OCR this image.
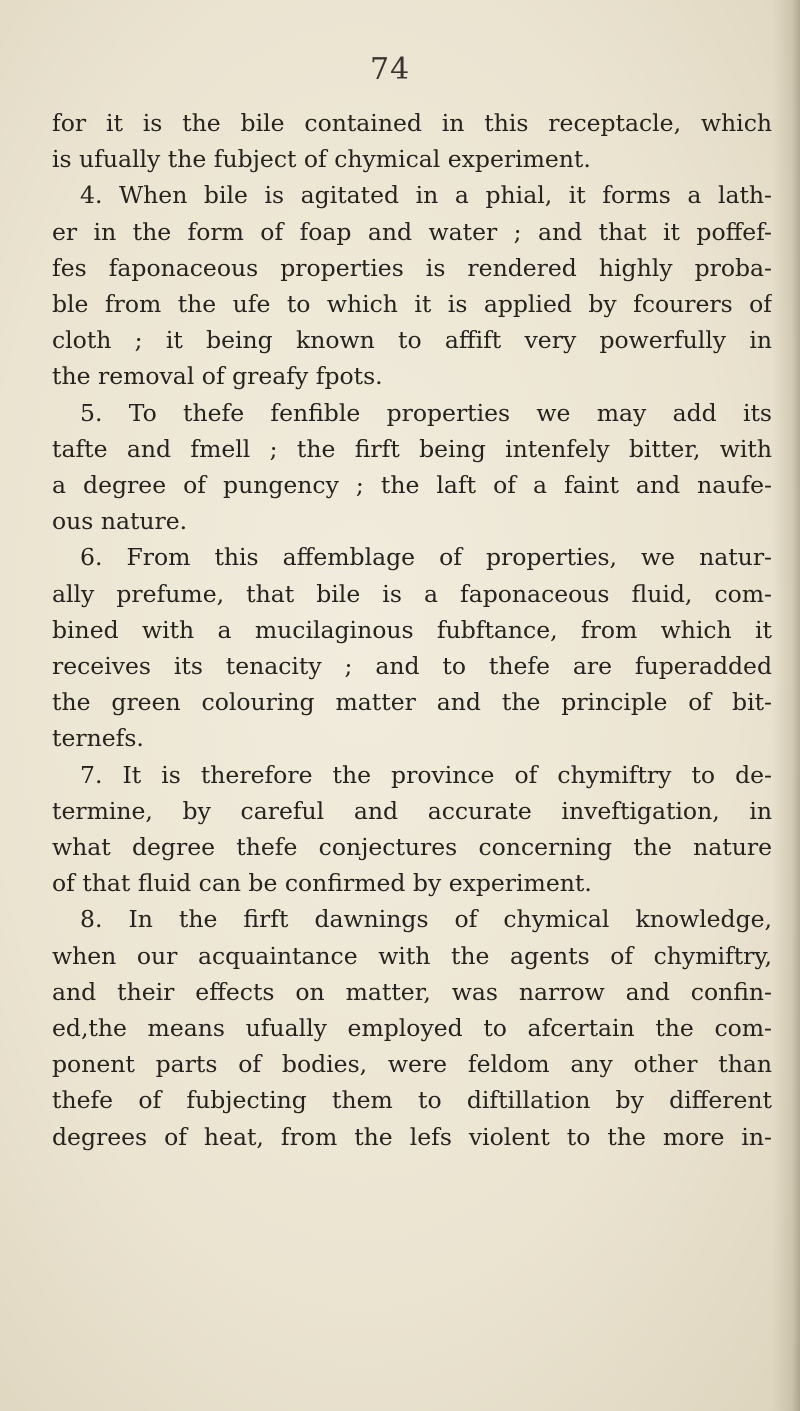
74
for it is the bile contained in this receptacle, which
is ufually the fubject of chymical experiment.
4. When bile is agitated in a phial, it forms a lath-
er in the form of foap and water ; and that it poffef-
fes faponaceous properties is rendered highly proba-
ble from the ufe to which it is applied by fcourers of
cloth ; it being known to affift very powerfully in
the removal of greafy fpots.
5. To thefe fenfible properties we may add its
tafte and fmell ; the firft being intenfely bitter, with
a degree of pungency ; the laft of a faint and naufe-
ous nature.
6. From this affemblage of properties, we natur-
ally prefume, that bile is a faponaceous fluid, com-
bined with a mucilaginous fubftance, from which it
receives its tenacity ; and to thefe are fuperadded
the green colouring matter and the principle of bit-
ternefs.
7. It is therefore the province of chymiftry to de-
termine, by careful and accurate inveftigation, in
what degree thefe conjectures concerning the nature
of that fluid can be confirmed by experiment.
8. In the firft dawnings of chymical knowledge,
when our acquaintance with the agents of chymiftry,
and their effects on matter, was narrow and confin-
ed,the means ufually employed to afcertain the com-
ponent parts of bodies, were feldom any other than
thefe of fubjecting them to diftillation by different
degrees of heat, from the lefs violent to the more in-
